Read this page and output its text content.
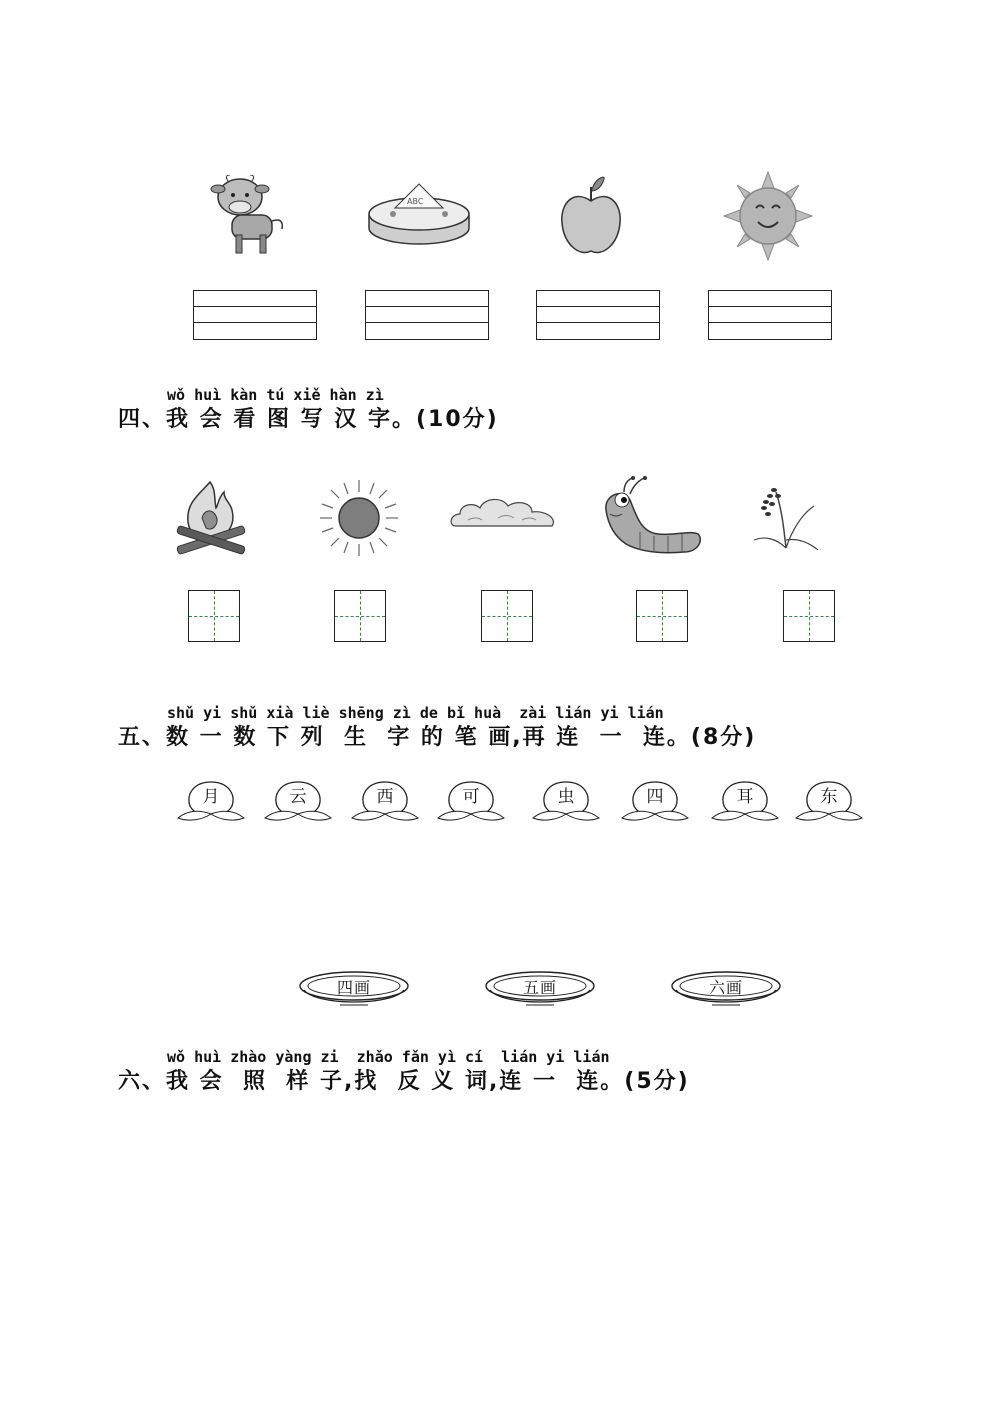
ABC
wǒ huì kàn tú xiě hàn zì
四、我 会 看 图 写 汉 字。(10分)
shǔ yi shǔ xià liè shēng zì de bǐ huà  zài lián yi lián
五、数 一 数 下 列  生  字 的 笔 画,再 连  一  连。(8分)
月	云	西	可	虫	四	耳	东
四画	五画	六画
wǒ huì zhào yàng zi  zhǎo fǎn yì cí  lián yi lián
六、我 会  照  样 子,找  反 义 词,连 一  连。(5分)
